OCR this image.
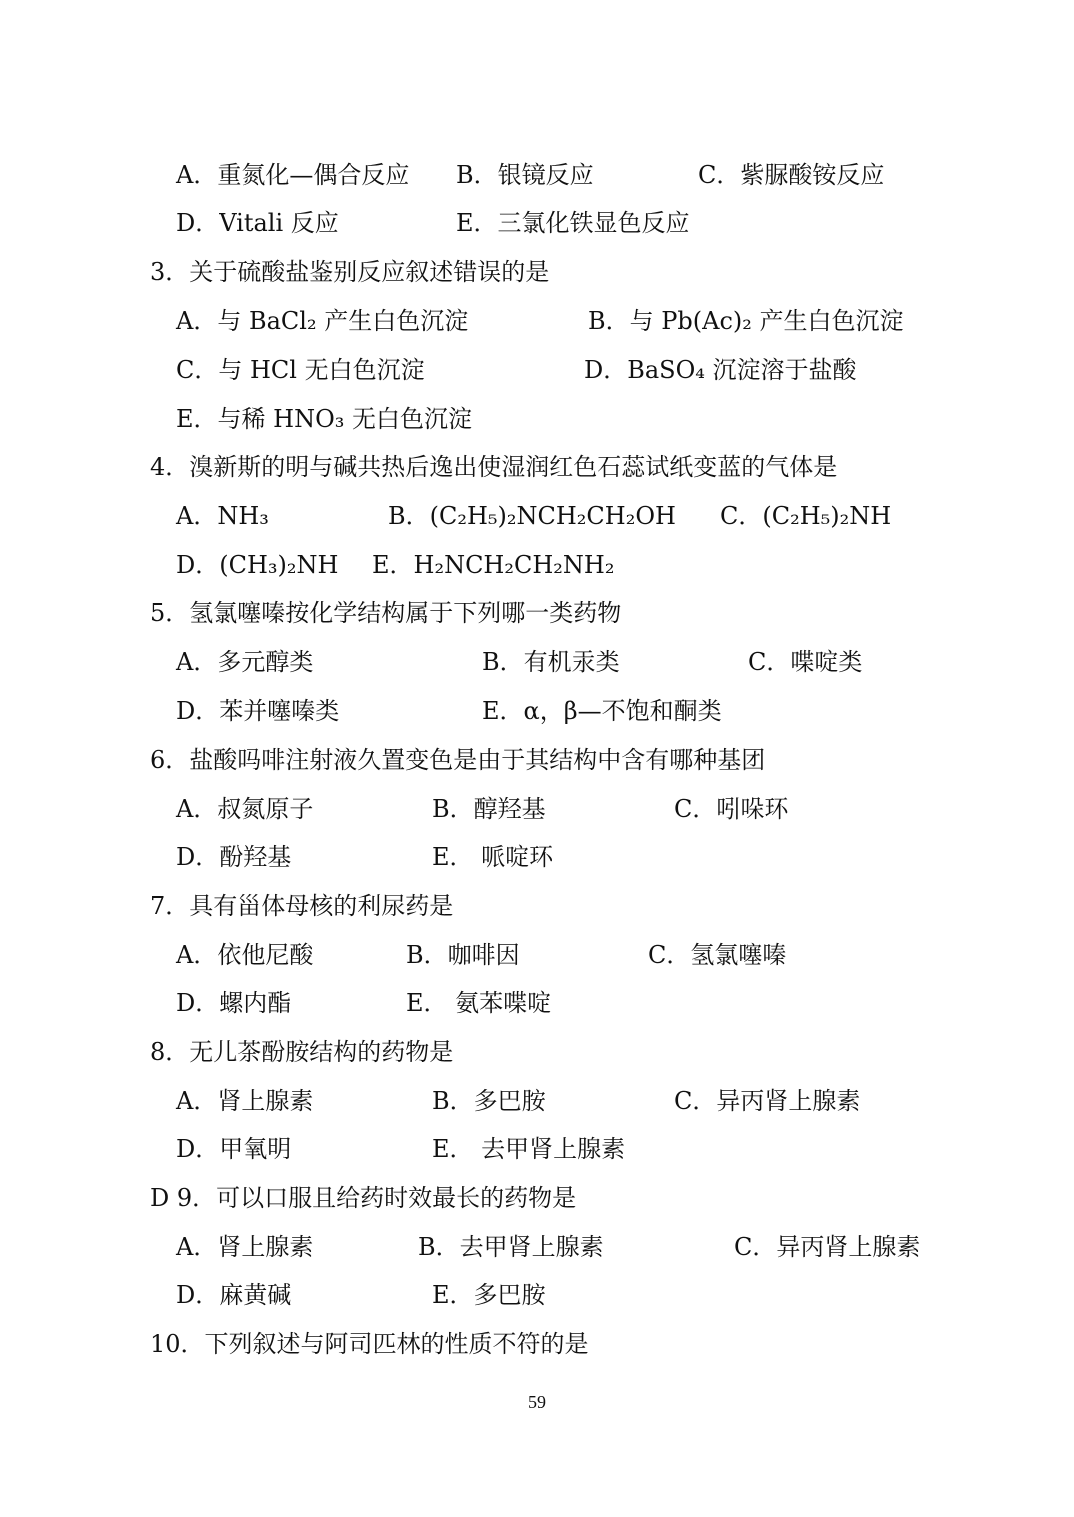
A．重氮化—偶合反应 B．银镜反应	C．紫脲酸铵反应
D．Vitali 反应	E．三氯化铁显色反应
3．关于硫酸盐鉴别反应叙述错误的是
A．与 BaCl₂ 产生白色沉淀	B．与 Pb(Ac)₂ 产生白色沉淀
C．与 HCl 无白色沉淀	D．BaSO₄ 沉淀溶于盐酸
E．与稀 HNO₃ 无白色沉淀
4．溴新斯的明与碱共热后逸出使湿润红色石蕊试纸变蓝的气体是
A．NH₃	B．(C₂H₅)₂NCH₂CH₂OH C．(C₂H₅)₂NH
D．(CH₃)₂NH E．H₂NCH₂CH₂NH₂
5．氢氯噻嗪按化学结构属于下列哪一类药物
A．多元醇类	B．有机汞类	C．喋啶类
D．苯并噻嗪类	E．α，β—不饱和酮类
6．盐酸吗啡注射液久置变色是由于其结构中含有哪种基团
A．叔氮原子	B．醇羟基	C．吲哚环
D．酚羟基	E． 哌啶环
7．具有甾体母核的利尿药是
A．依他尼酸	B．咖啡因	C．氢氯噻嗪
D．螺内酯	E． 氨苯喋啶
8．无儿茶酚胺结构的药物是
A．肾上腺素	B．多巴胺	C．异丙肾上腺素
D．甲氧明	E． 去甲肾上腺素
D 9．可以口服且给药时效最长的药物是
A．肾上腺素	B．去甲肾上腺素	C．异丙肾上腺素
D．麻黄碱	E．多巴胺
10．下列叙述与阿司匹林的性质不符的是
59
